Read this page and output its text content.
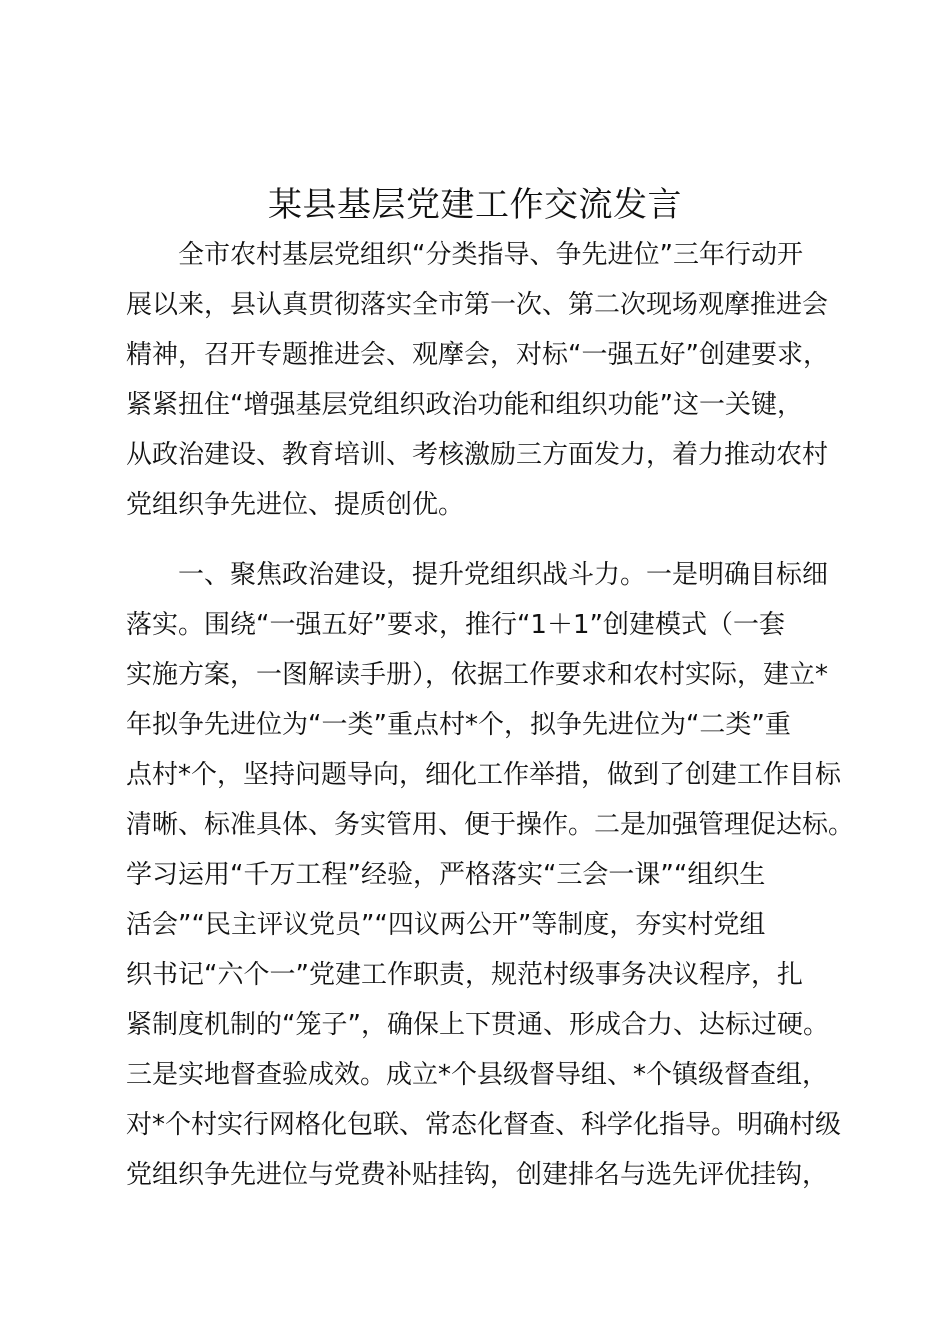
某县基层党建工作交流发言
全市农村基层党组织“分类指导、争先进位”三年行动开
展以来，县认真贯彻落实全市第一次、第二次现场观摩推进会
精神，召开专题推进会、观摩会，对标“一强五好”创建要求，
紧紧扭住“增强基层党组织政治功能和组织功能”这一关键，
从政治建设、教育培训、考核激励三方面发力，着力推动农村
党组织争先进位、提质创优。
一、聚焦政治建设，提升党组织战斗力。一是明确目标细
落实。围绕“一强五好”要求，推行“1＋1”创建模式（一套
实施方案，一图解读手册），依据工作要求和农村实际，建立*
年拟争先进位为“一类”重点村*个，拟争先进位为“二类”重
点村*个，坚持问题导向，细化工作举措，做到了创建工作目标
清晰、标准具体、务实管用、便于操作。二是加强管理促达标。
学习运用“千万工程”经验，严格落实“三会一课”“组织生
活会”“民主评议党员”“四议两公开”等制度，夯实村党组
织书记“六个一”党建工作职责，规范村级事务决议程序，扎
紧制度机制的“笼子”，确保上下贯通、形成合力、达标过硬。
三是实地督查验成效。成立*个县级督导组、*个镇级督查组，
对*个村实行网格化包联、常态化督查、科学化指导。明确村级
党组织争先进位与党费补贴挂钩，创建排名与选先评优挂钩，
